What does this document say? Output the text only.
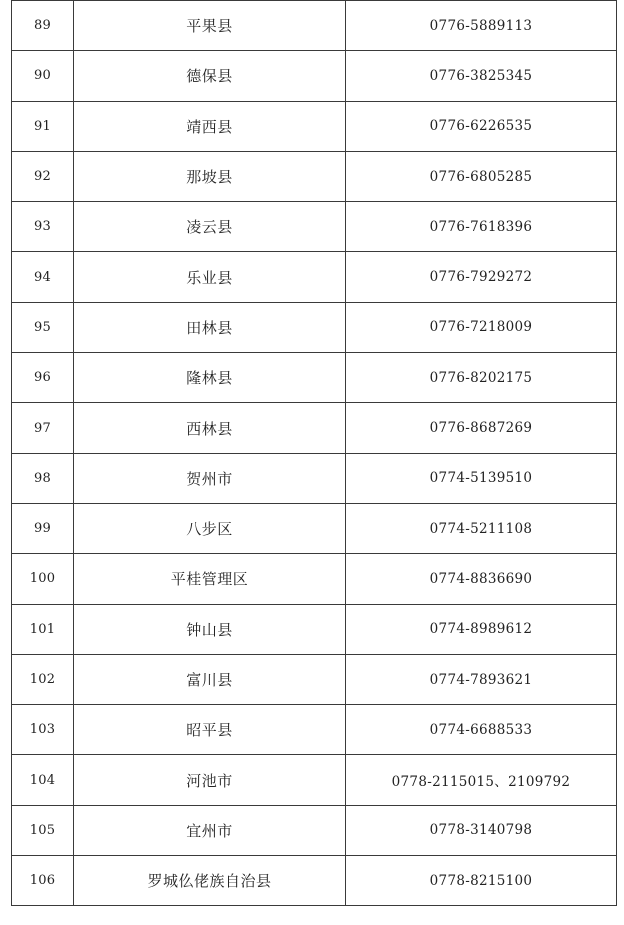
89	平果县	0776-5889113
90	德保县	0776-3825345
91	靖西县	0776-6226535
92	那坡县	0776-6805285
93	凌云县	0776-7618396
94	乐业县	0776-7929272
95	田林县	0776-7218009
96	隆林县	0776-8202175
97	西林县	0776-8687269
98	贺州市	0774-5139510
99	八步区	0774-5211108
100	平桂管理区	0774-8836690
101	钟山县	0774-8989612
102	富川县	0774-7893621
103	昭平县	0774-6688533
104	河池市	0778-2115015、2109792
105	宜州市	0778-3140798
106	罗城仫佬族自治县	0778-8215100
